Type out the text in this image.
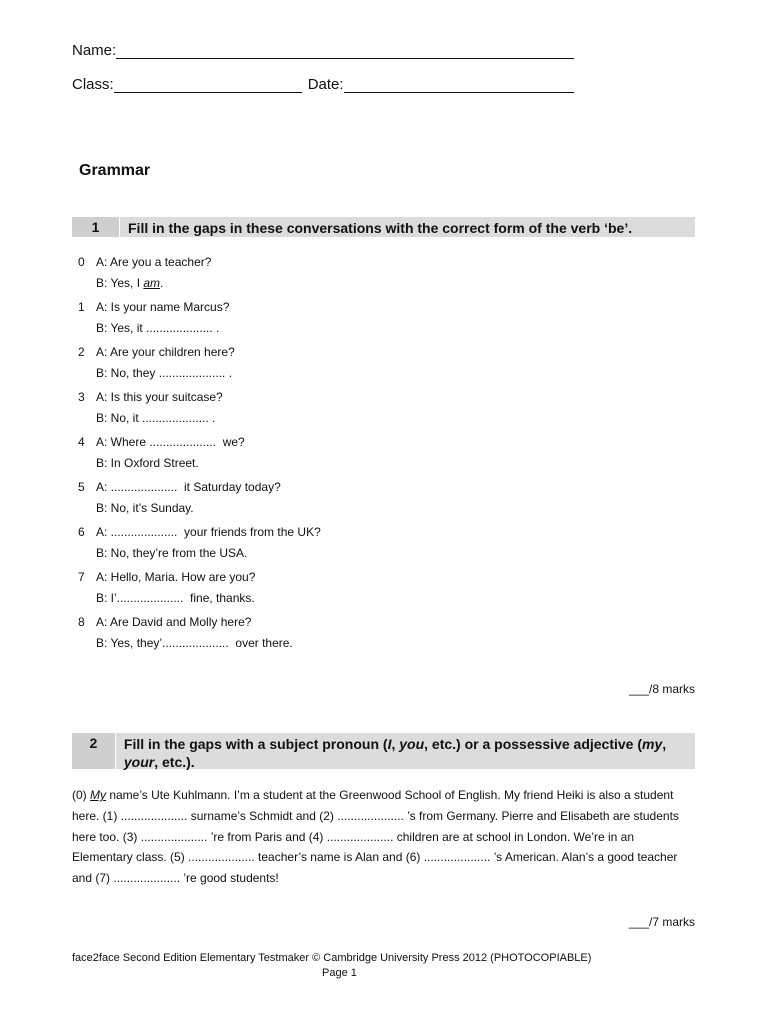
Name:
Class:	Date:
Grammar
1	Fill in the gaps in these conversations with the correct form of the verb ‘be’.
0 A: Are you a teacher?
B: Yes, I am.
1 A: Is your name Marcus?
B: Yes, it .................... .
2 A: Are your children here?
B: No, they .................... .
3 A: Is this your suitcase?
B: No, it .................... .
4 A: Where ....................  we?
B: In Oxford Street.
5 A: ....................  it Saturday today?
B: No, it’s Sunday.
6 A: ....................  your friends from the UK?
B: No, they’re from the USA.
7 A: Hello, Maria. How are you?
B: I’....................  fine, thanks.
8 A: Are David and Molly here?
B: Yes, they’....................  over there.
___/8 marks
2	Fill in the gaps with a subject pronoun (I, you, etc.) or a possessive adjective (my, your, etc.).
(0) My name’s Ute Kuhlmann. I’m a student at the Greenwood School of English. My friend Heiki is also a student here. (1) .................... surname’s Schmidt and (2) .................... ’s from Germany. Pierre and Elisabeth are students here too. (3) .................... ’re from Paris and (4) .................... children are at school in London. We’re in an Elementary class. (5) .................... teacher’s name is Alan and (6) .................... ’s American. Alan’s a good teacher and (7) .................... ’re good students!
___/7 marks
face2face Second Edition Elementary Testmaker © Cambridge University Press 2012 (PHOTOCOPIABLE)
Page 1
